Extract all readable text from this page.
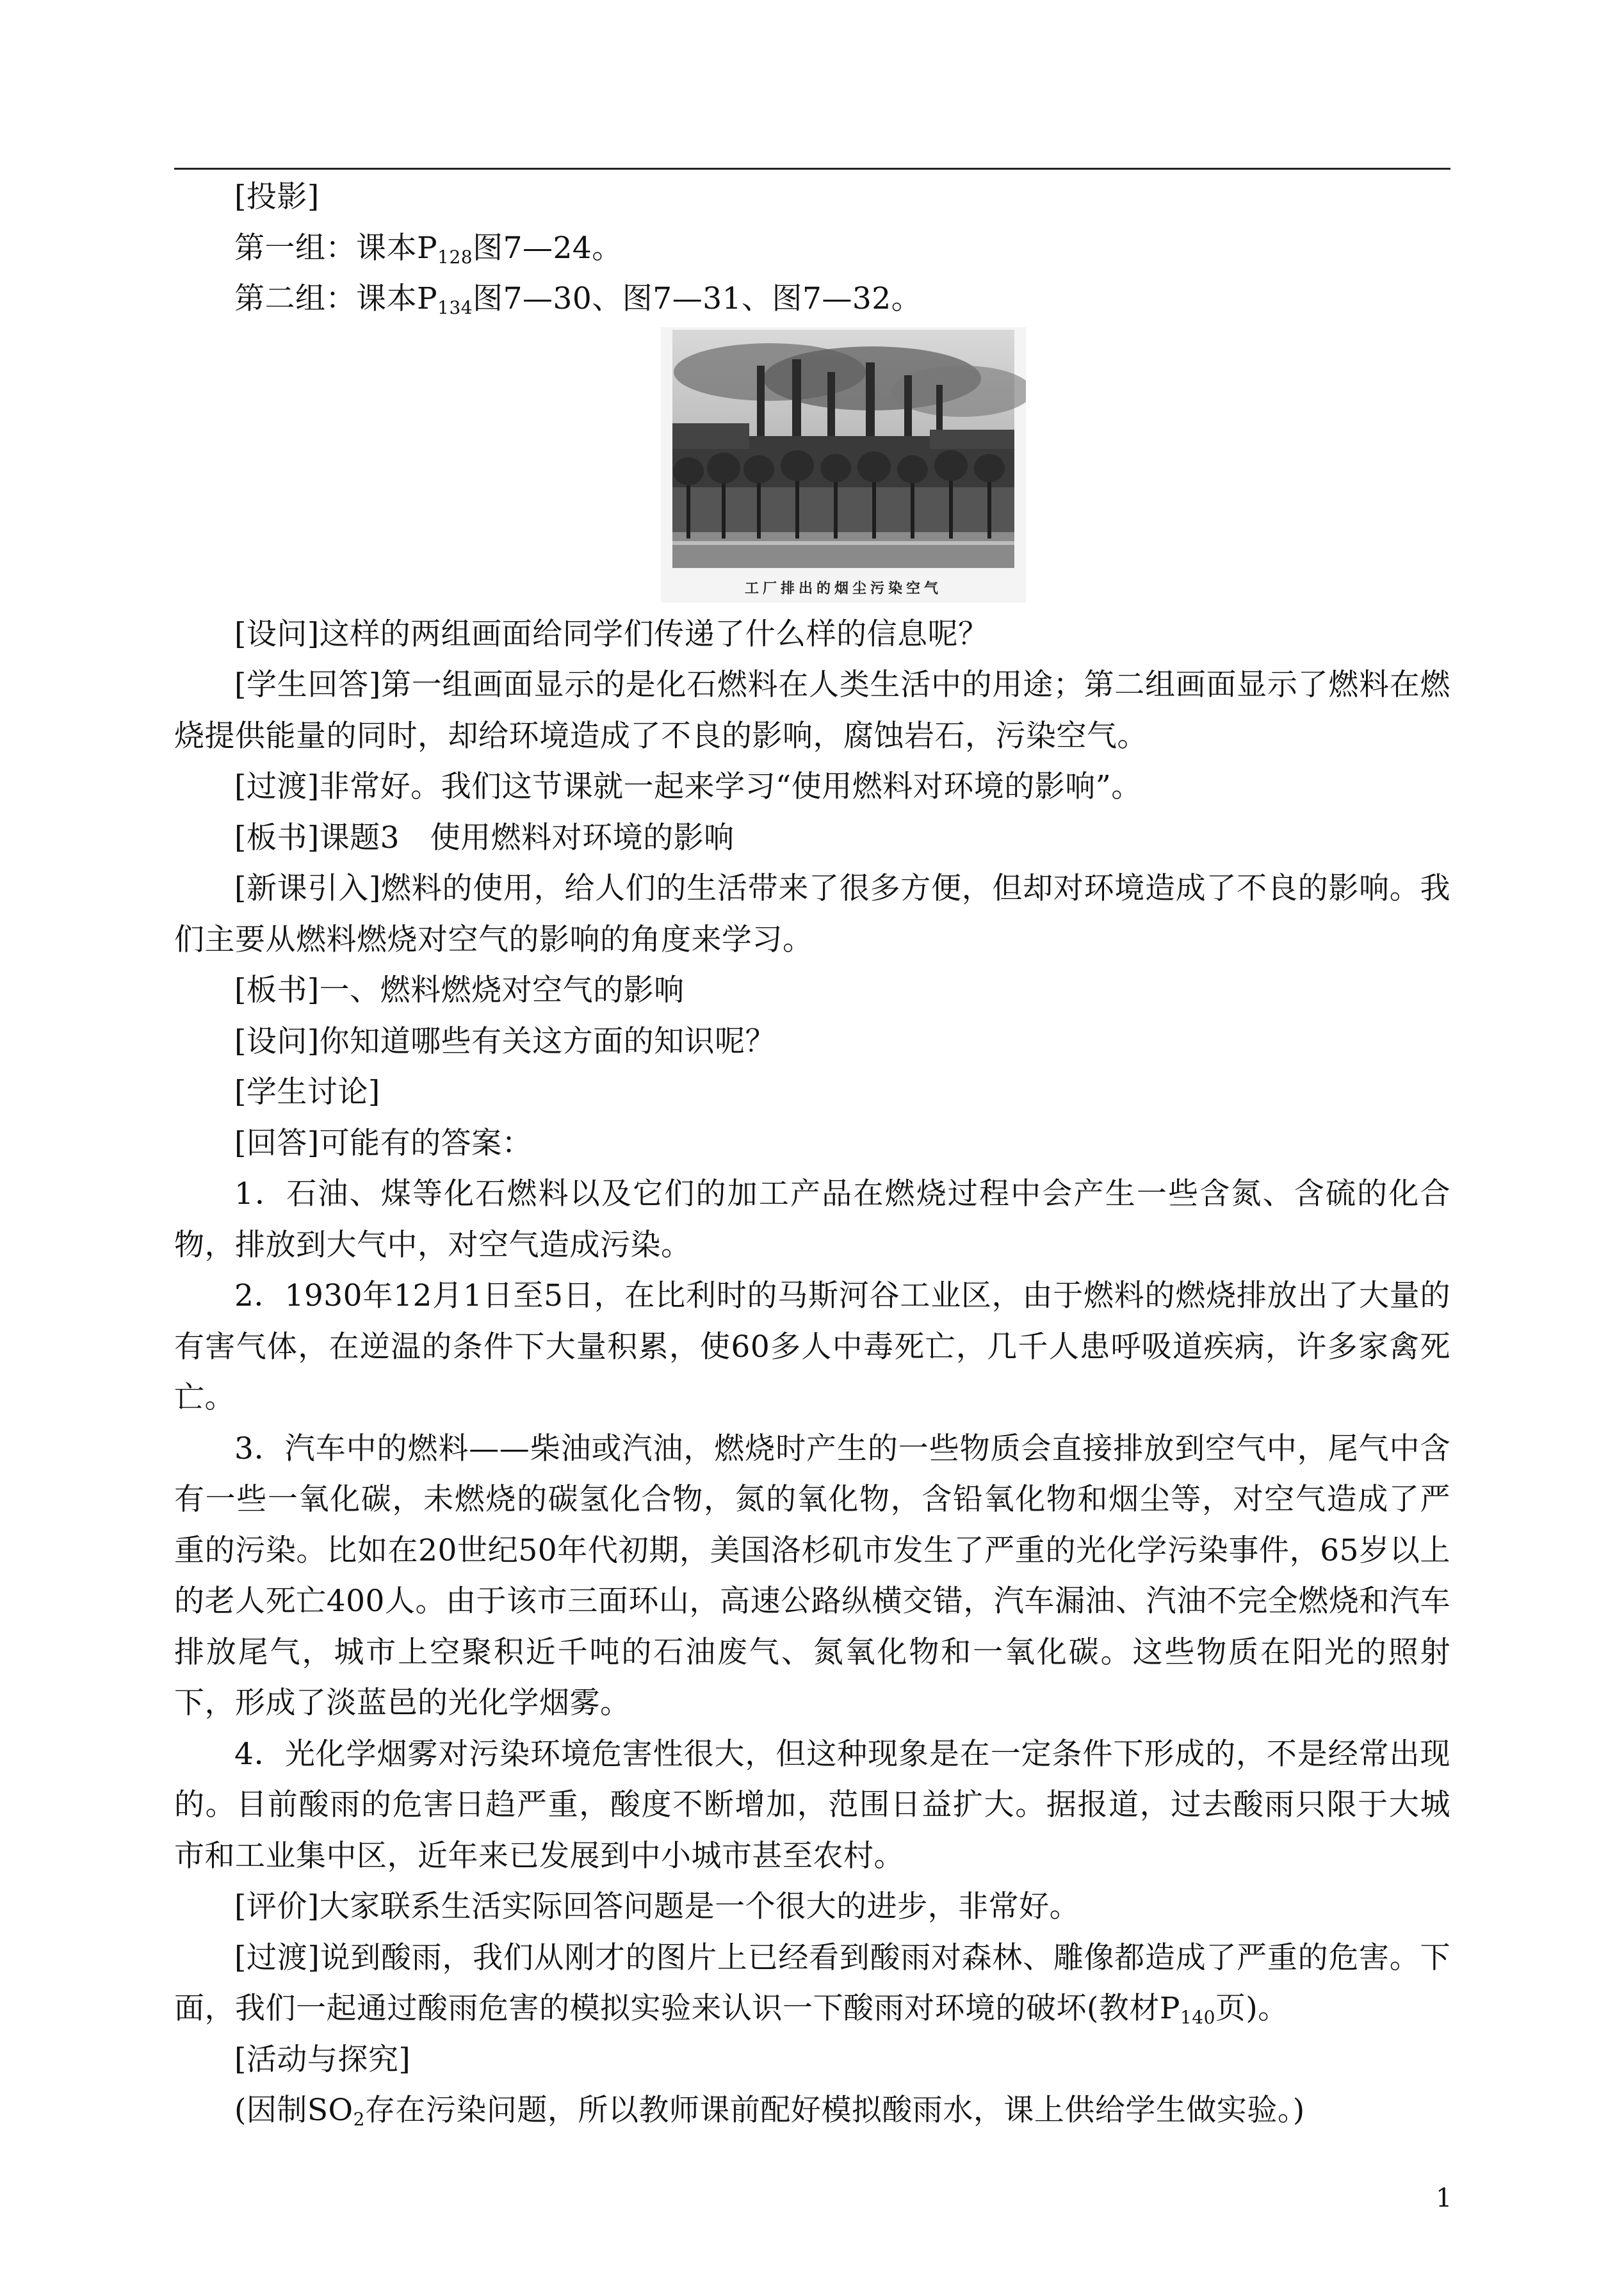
[投影]

第一组：课本$P_{128}$图7—24。

第二组：课本$P_{134}$图7—30、图7—31、图7—32。

工厂排出的烟尘污染空气

[设问]这样的两组画面给同学们传递了什么样的信息呢？

[学生回答]第一组画面显示的是化石燃料在人类生活中的用途；第二组画面显示了燃料在燃烧提供能量的同时，却给环境造成了不良的影响，腐蚀岩石，污染空气。

[过渡]非常好。我们这节课就一起来学习“使用燃料对环境的影响”。

[板书]课题3　使用燃料对环境的影响

[新课引入]燃料的使用，给人们的生活带来了很多方便，但却对环境造成了不良的影响。我们主要从燃料燃烧对空气的影响的角度来学习。

[板书]一、燃料燃烧对空气的影响

[设问]你知道哪些有关这方面的知识呢？

[学生讨论]

[回答]可能有的答案：

1．石油、煤等化石燃料以及它们的加工产品在燃烧过程中会产生一些含氮、含硫的化合物，排放到大气中，对空气造成污染。

2．1930年12月1日至5日，在比利时的马斯河谷工业区，由于燃料的燃烧排放出了大量的有害气体，在逆温的条件下大量积累，使60多人中毒死亡，几千人患呼吸道疾病，许多家禽死亡。

3．汽车中的燃料——柴油或汽油，燃烧时产生的一些物质会直接排放到空气中，尾气中含有一些一氧化碳，未燃烧的碳氢化合物，氮的氧化物，含铅氧化物和烟尘等，对空气造成了严重的污染。比如在20世纪50年代初期，美国洛杉矶市发生了严重的光化学污染事件，65岁以上的老人死亡400人。由于该市三面环山，高速公路纵横交错，汽车漏油、汽油不完全燃烧和汽车排放尾气，城市上空聚积近千吨的石油废气、氮氧化物和一氧化碳。这些物质在阳光的照射下，形成了淡蓝邑的光化学烟雾。

4．光化学烟雾对污染环境危害性很大，但这种现象是在一定条件下形成的，不是经常出现的。目前酸雨的危害日趋严重，酸度不断增加，范围日益扩大。据报道，过去酸雨只限于大城市和工业集中区，近年来已发展到中小城市甚至农村。

[评价]大家联系生活实际回答问题是一个很大的进步，非常好。

[过渡]说到酸雨，我们从刚才的图片上已经看到酸雨对森林、雕像都造成了严重的危害。下面，我们一起通过酸雨危害的模拟实验来认识一下酸雨对环境的破坏(教材$P_{140}$页)。

[活动与探究]

(因制$SO_2$存在污染问题，所以教师课前配好模拟酸雨水，课上供给学生做实验。)

1
